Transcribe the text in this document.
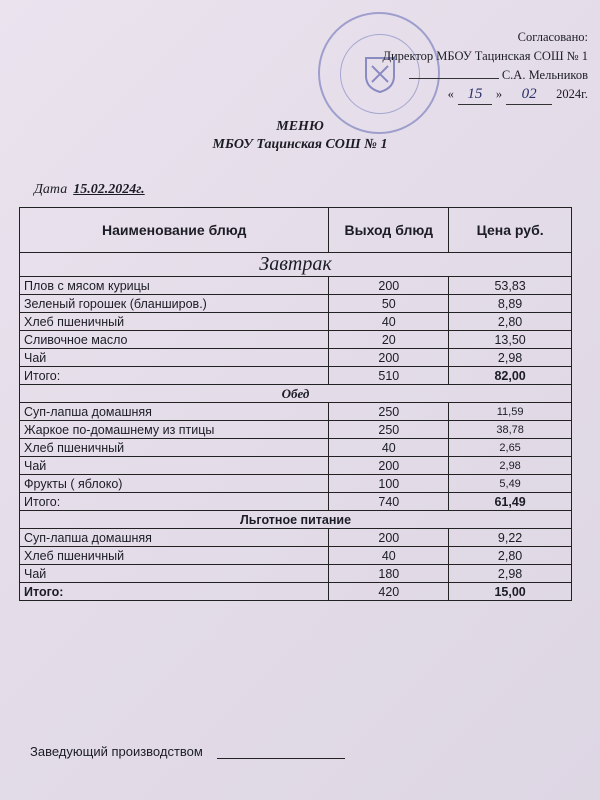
Согласовано:
Директор МБОУ Тацинская СОШ № 1
С.А. Мельников
« 15	»	02	2024г.
МЕНЮ
МБОУ Тацинская СОШ № 1
Дата 15.02.2024г.
Наименование блюд	Выход блюд	Цена руб.
Завтрак		
Плов с мясом курицы	200	53,83
Зеленый горошек (бланширов.)	50	8,89
Хлеб пшеничный	40	2,80
Сливочное масло	20	13,50
Чай	200	2,98
Итого:	510	82,00
Обед		
Суп-лапша домашняя	250	11,59
Жаркое по-домашнему из птицы	250	38,78
Хлеб пшеничный	40	2,65
Чай	200	2,98
Фрукты ( яблоко)	100	5,49
Итого:	740	61,49
Льготное питание		
Суп-лапша домашняя	200	9,22
Хлеб пшеничный	40	2,80
Чай	180	2,98
Итого:	420	15,00
Заведующий производством
